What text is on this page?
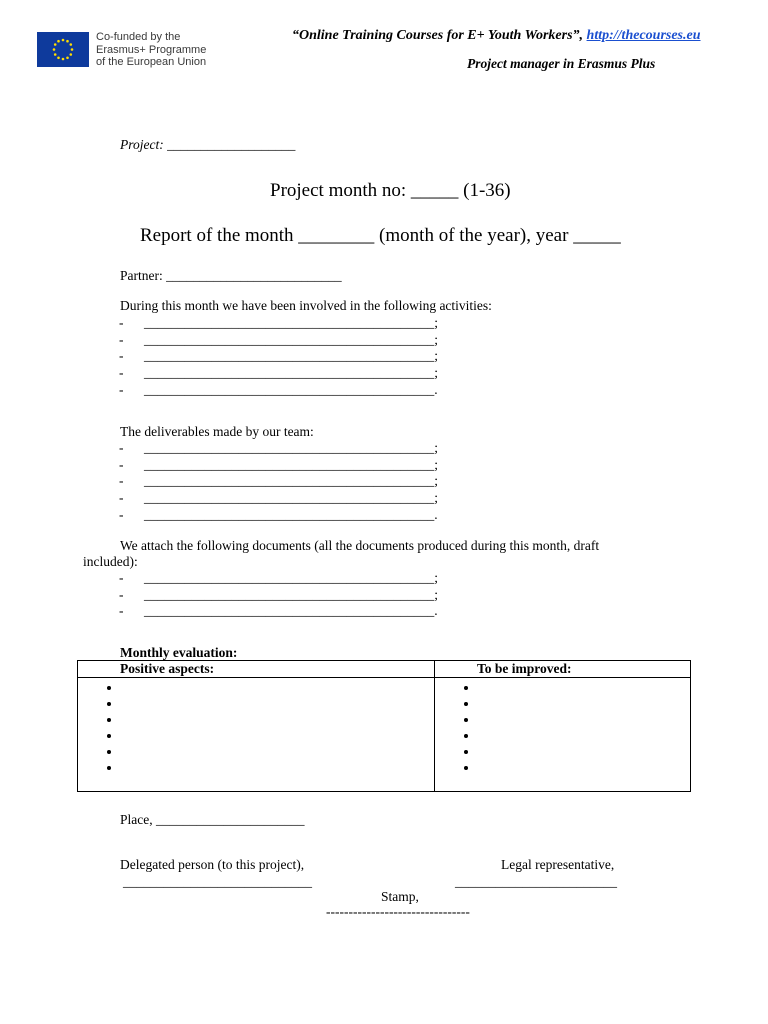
Co-funded by the
Erasmus+ Programme
of the European Union
“Online Training Courses for E+ Youth Workers”, http://thecourses.eu
Project manager in Erasmus Plus
Project: ___________________
Project month no: _____ (1-36)
Report of the month ________ (month of the year), year _____
Partner: __________________________
During this month we have been involved in the following activities:
- ___________________________________________;
- ___________________________________________;
- ___________________________________________;
- ___________________________________________;
- ___________________________________________.
The deliverables made by our team:
- ___________________________________________;
- ___________________________________________;
- ___________________________________________;
- ___________________________________________;
- ___________________________________________.
We attach the following documents (all the documents produced during this month, draft
included):
- ___________________________________________;
- ___________________________________________;
- ___________________________________________.
Monthly evaluation:
Positive aspects:	To be improved:

•
•
•
•
•
•

•
•
•
•
•
•
Place, ______________________
Delegated person (to this project),
____________________________
Legal representative,
________________________
Stamp,
--------------------------------
